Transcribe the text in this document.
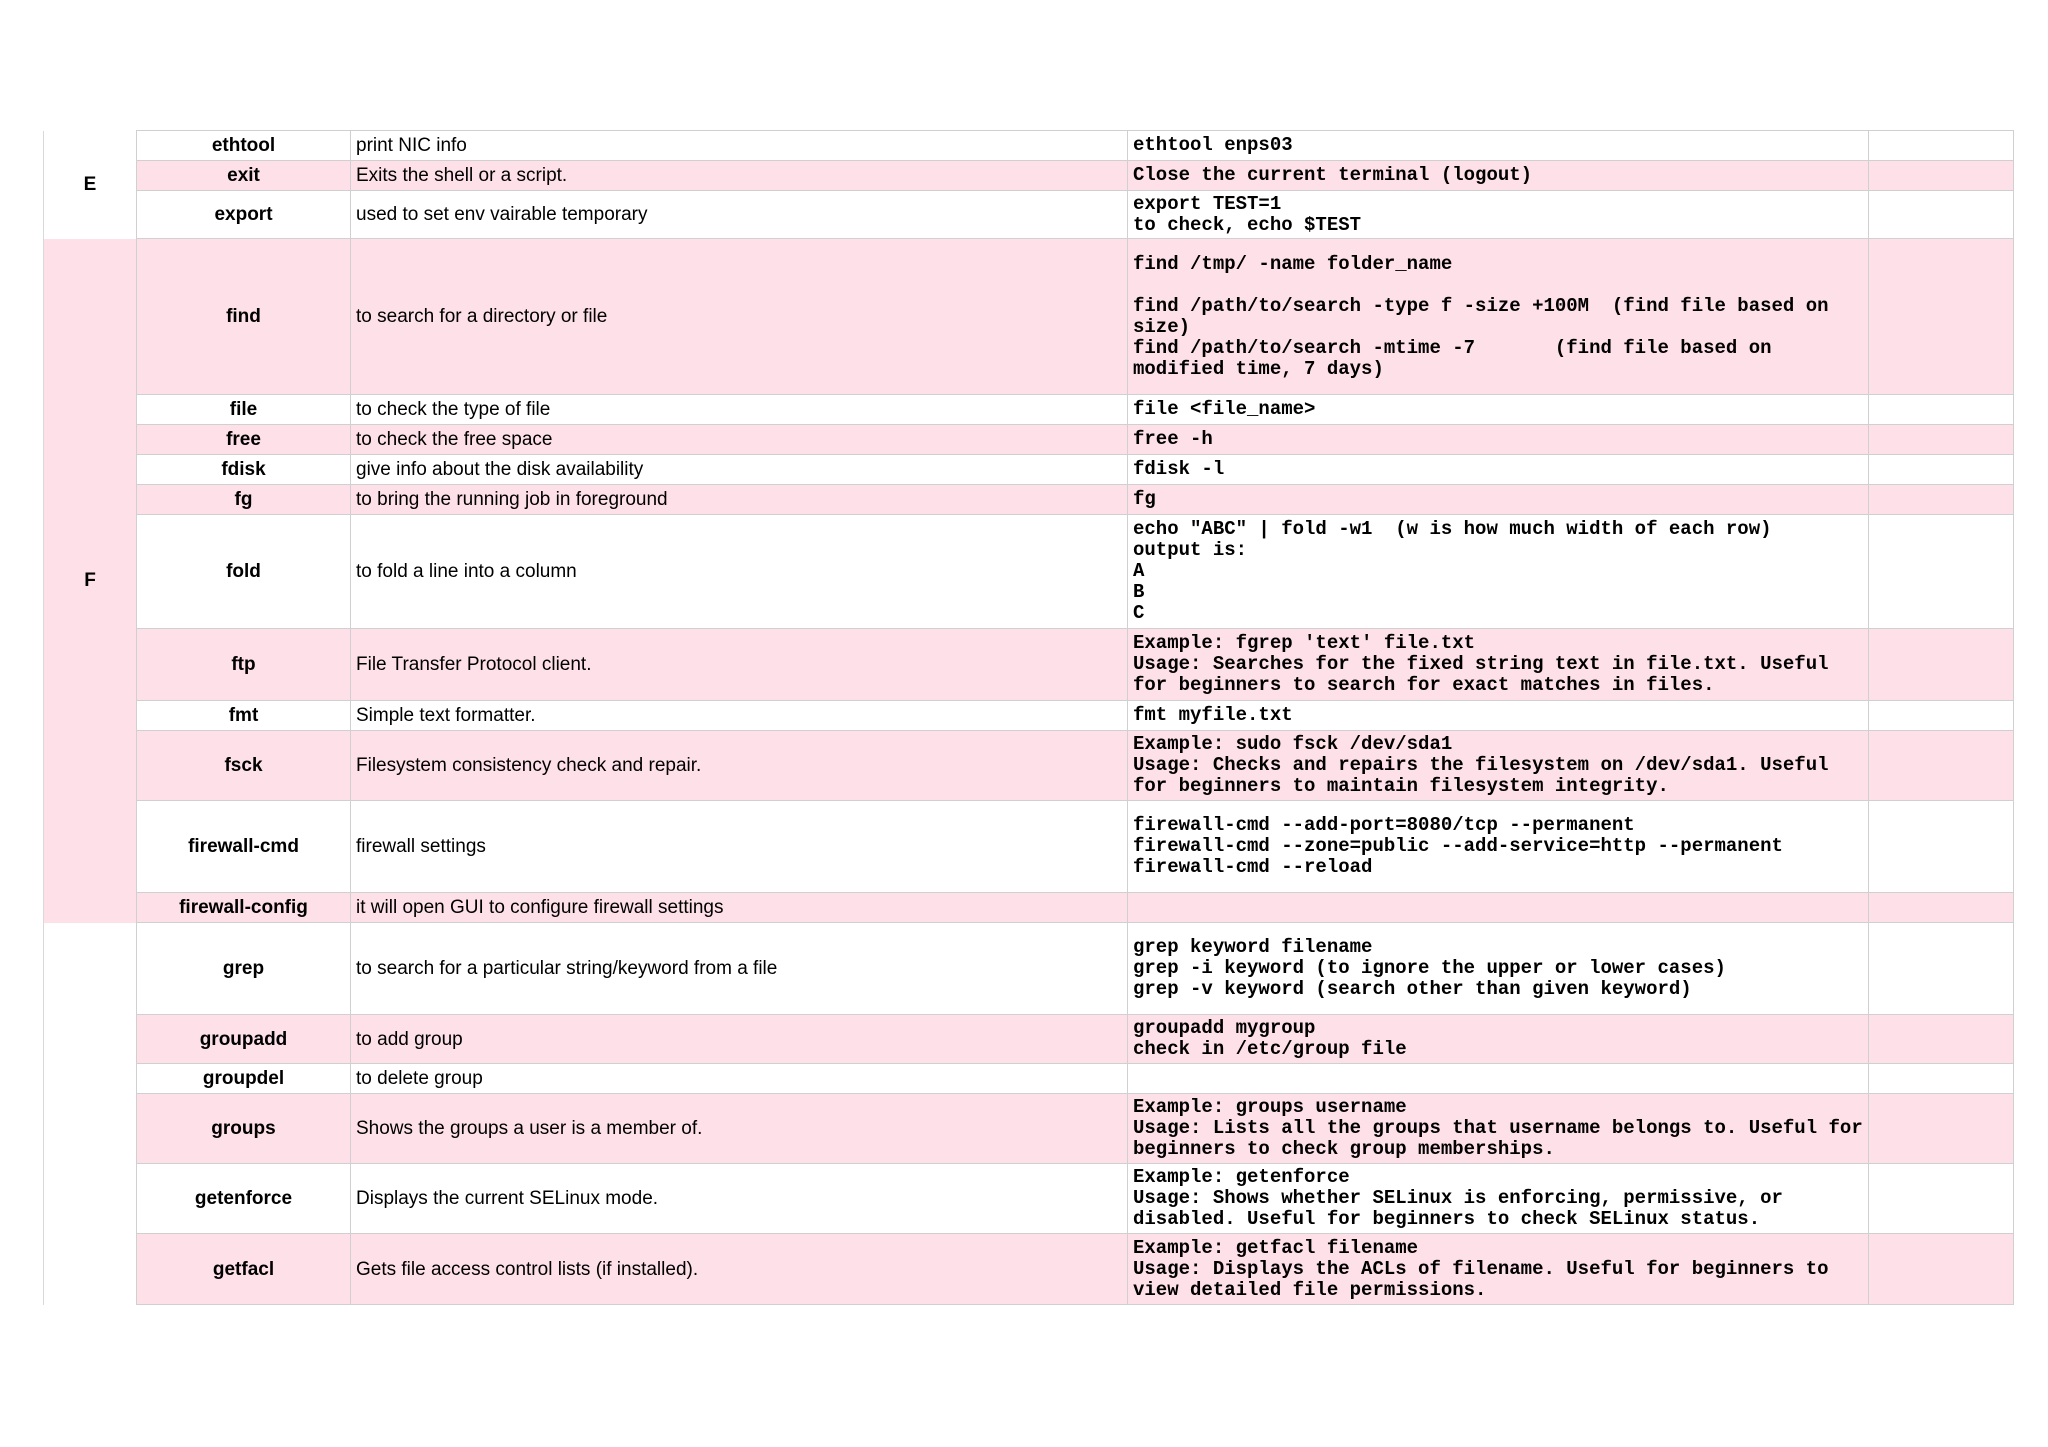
E	ethtool	print NIC info	ethtool enps03	
	exit	Exits the shell or a script.	Close the current terminal (logout)	
	export	used to set env vairable temporary	export TEST=1
to check, echo $TEST	

F	find	to search for a directory or file	find /tmp/ -name folder_name

find /path/to/search -type f -size +100M  (find file based on
size)
find /path/to/search -mtime -7       (find file based on
modified time, 7 days)	
	file	to check the type of file	file <file_name>	
	free	to check the free space	free -h	
	fdisk	give info about the disk availability	fdisk -l	
	fg	to bring the running job in foreground	fg	
	fold	to fold a line into a column	echo "ABC" | fold -w1  (w is how much width of each row)
output is:
A
B
C	
	ftp	File Transfer Protocol client.	Example: fgrep 'text' file.txt
Usage: Searches for the fixed string text in file.txt. Useful
for beginners to search for exact matches in files.	
	fmt	Simple text formatter.	fmt myfile.txt	
	fsck	Filesystem consistency check and repair.	Example: sudo fsck /dev/sda1
Usage: Checks and repairs the filesystem on /dev/sda1. Useful
for beginners to maintain filesystem integrity.	
	firewall-cmd	firewall settings	firewall-cmd --add-port=8080/tcp --permanent
firewall-cmd --zone=public --add-service=http --permanent
firewall-cmd --reload	
	firewall-config	it will open GUI to configure firewall settings		

	grep	to search for a particular string/keyword from a file	grep keyword filename
grep -i keyword (to ignore the upper or lower cases)
grep -v keyword (search other than given keyword)	
	groupadd	to add group	groupadd mygroup
check in /etc/group file	
	groupdel	to delete group		
	groups	Shows the groups a user is a member of.	Example: groups username
Usage: Lists all the groups that username belongs to. Useful for
beginners to check group memberships.	
	getenforce	Displays the current SELinux mode.	Example: getenforce
Usage: Shows whether SELinux is enforcing, permissive, or
disabled. Useful for beginners to check SELinux status.	
	getfacl	Gets file access control lists (if installed).	Example: getfacl filename
Usage: Displays the ACLs of filename. Useful for beginners to
view detailed file permissions.	
